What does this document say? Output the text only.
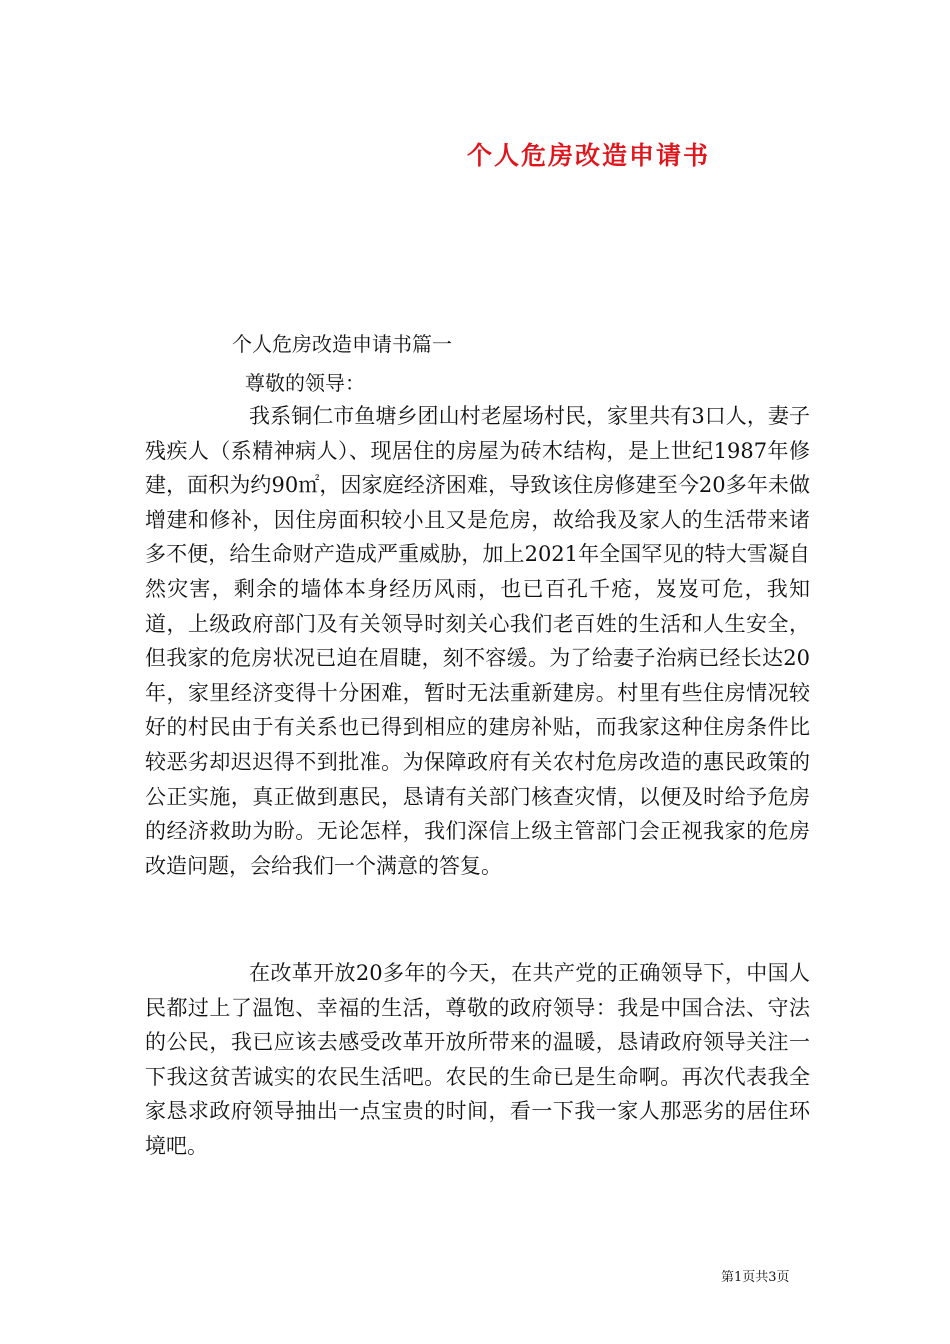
个人危房改造申请书
个人危房改造申请书篇一
尊敬的领导：

我系铜仁市鱼塘乡团山村老屋场村民，家里共有3口人，妻子残疾人（系精神病人）、现居住的房屋为砖木结构，是上世纪1987年修建，面积为约90㎡，因家庭经济困难，导致该住房修建至今20多年未做增建和修补，因住房面积较小且又是危房，故给我及家人的生活带来诸多不便，给生命财产造成严重威胁，加上2021年全国罕见的特大雪凝自然灾害，剩余的墙体本身经历风雨，也已百孔千疮，岌岌可危，我知道，上级政府部门及有关领导时刻关心我们老百姓的生活和人生安全，但我家的危房状况已迫在眉睫，刻不容缓。为了给妻子治病已经长达20年，家里经济变得十分困难，暂时无法重新建房。村里有些住房情况较好的村民由于有关系也已得到相应的建房补贴，而我家这种住房条件比较恶劣却迟迟得不到批准。为保障政府有关农村危房改造的惠民政策的公正实施，真正做到惠民，恳请有关部门核查灾情，以便及时给予危房的经济救助为盼。无论怎样，我们深信上级主管部门会正视我家的危房改造问题，会给我们一个满意的答复。

在改革开放20多年的今天，在共产党的正确领导下，中国人民都过上了温饱、幸福的生活，尊敬的政府领导：我是中国合法、守法的公民，我已应该去感受改革开放所带来的温暖，恳请政府领导关注一下我这贫苦诚实的农民生活吧。农民的生命已是生命啊。再次代表我全家恳求政府领导抽出一点宝贵的时间，看一下我一家人那恶劣的居住环境吧。

第1页共3页
